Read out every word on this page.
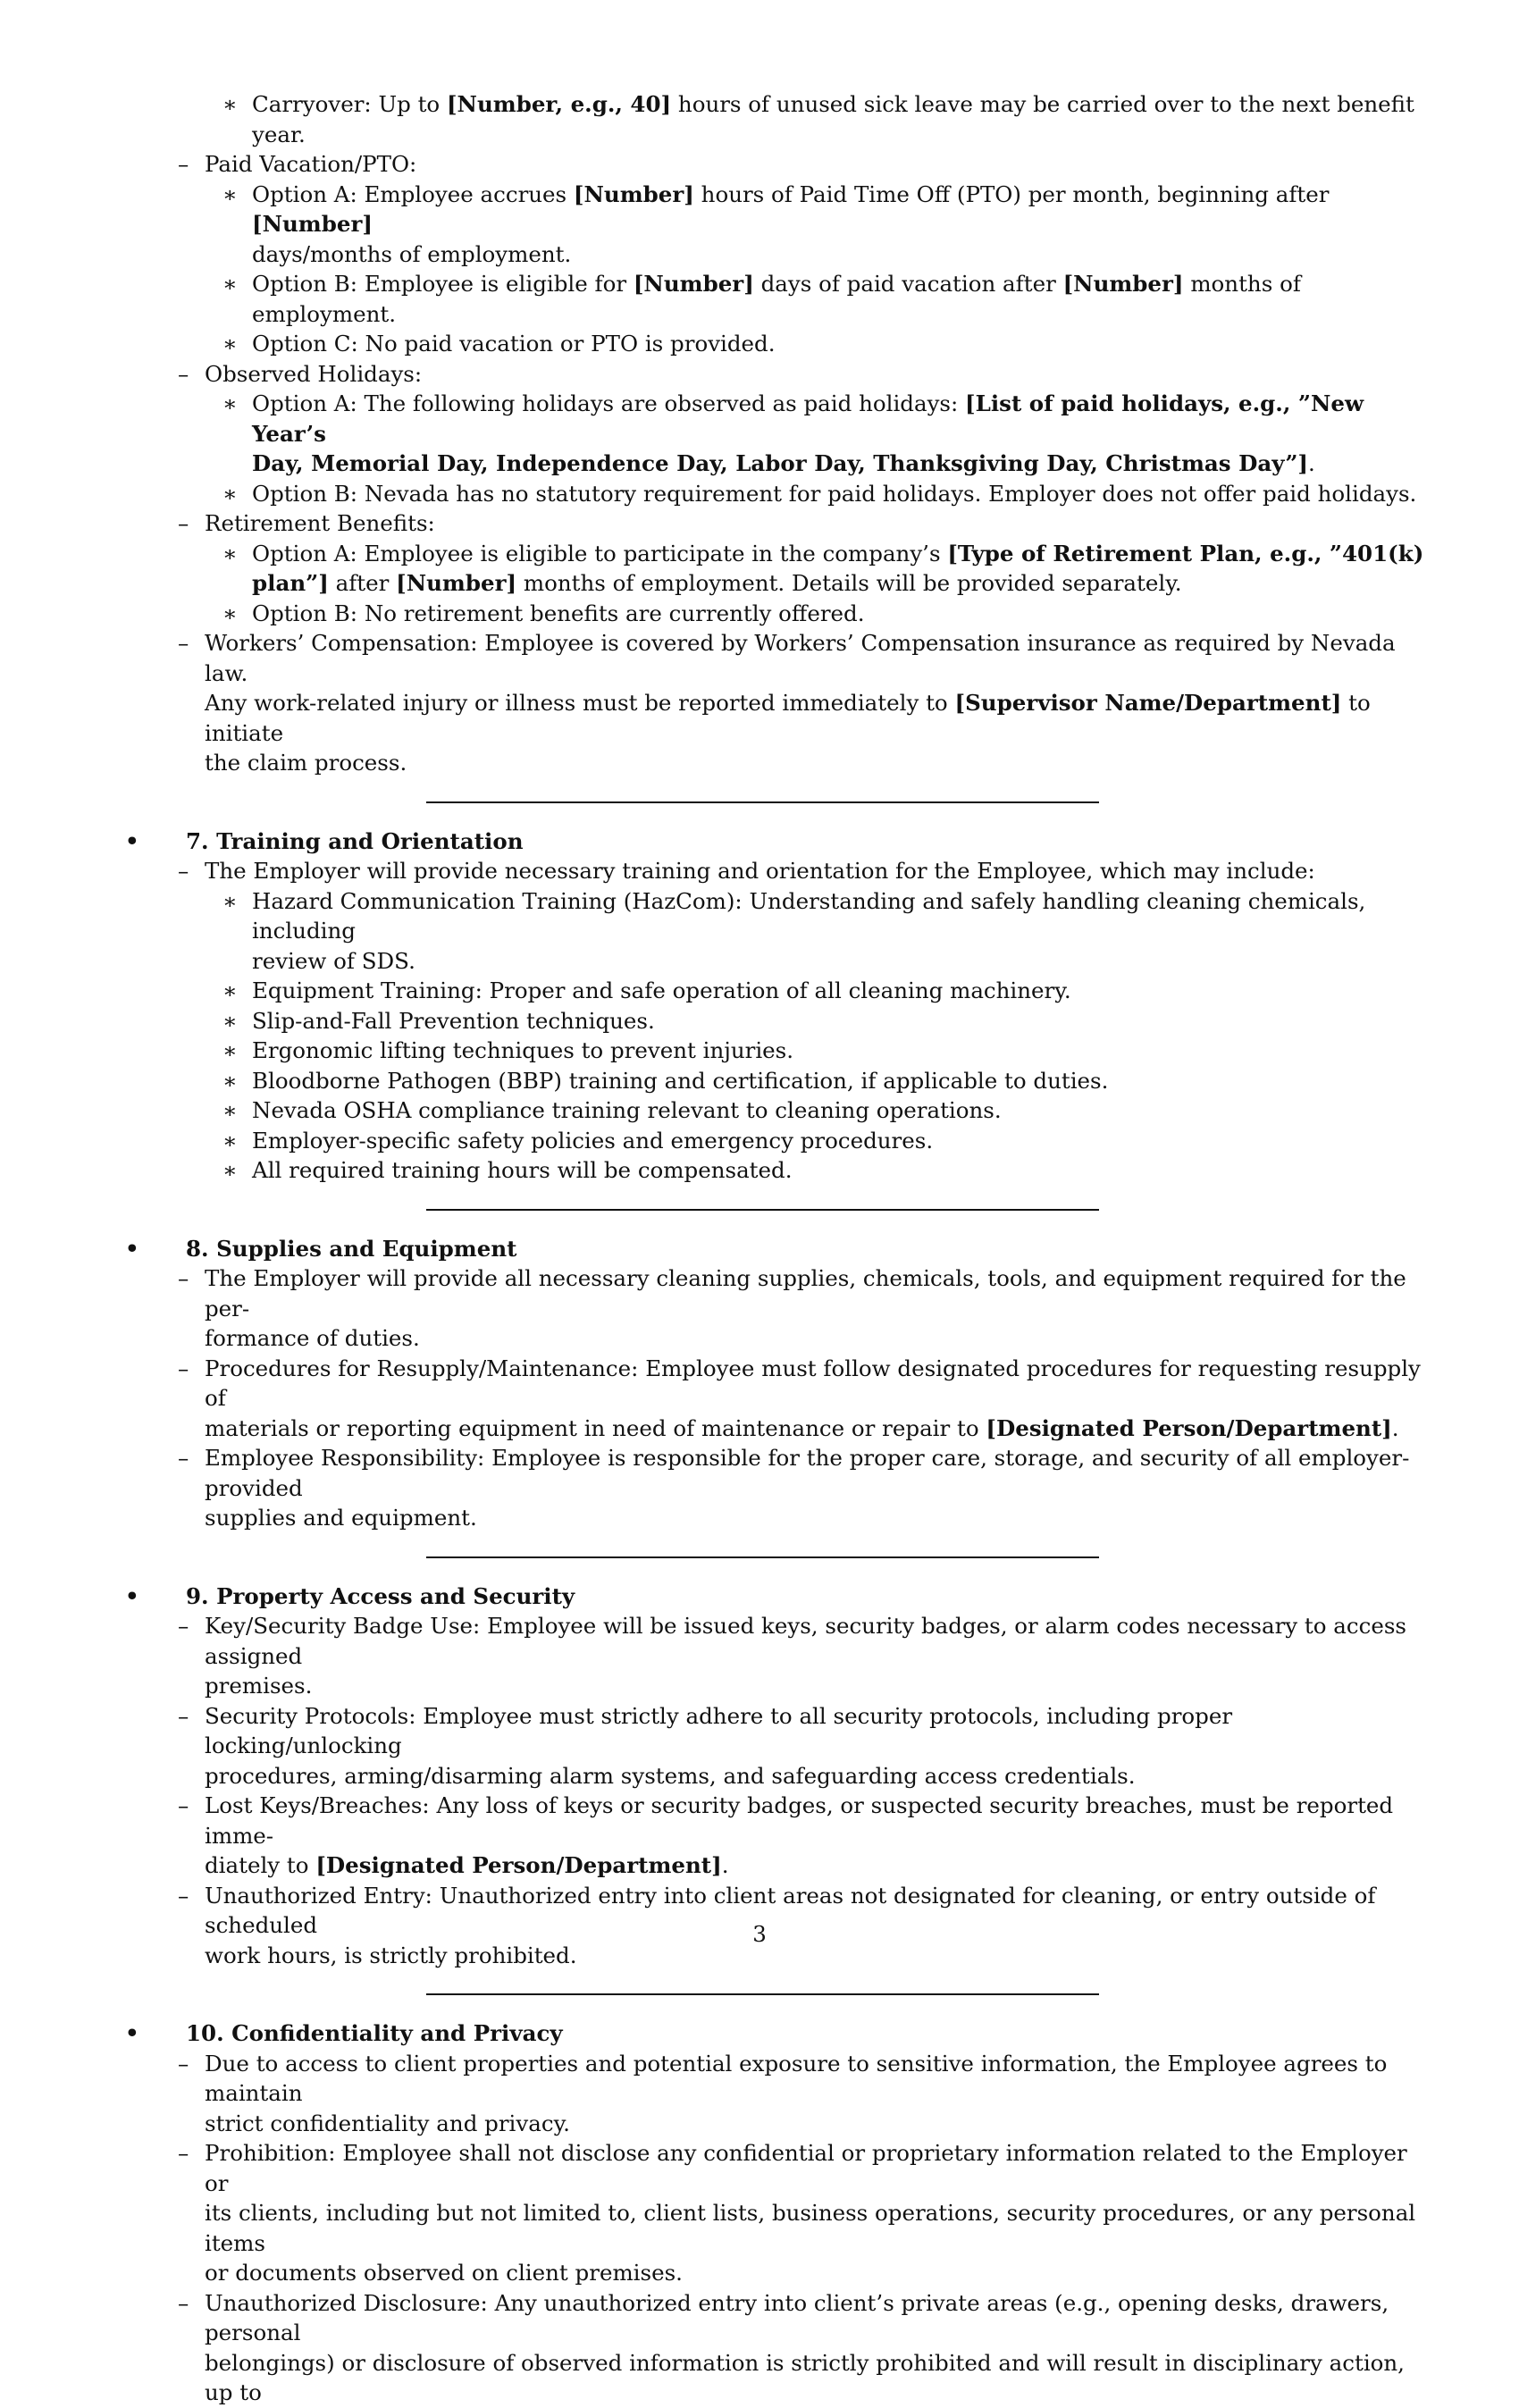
∗ Carryover: Up to [Number, e.g., 40] hours of unused sick leave may be carried over to the next benefit year.
– Paid Vacation/PTO:
∗ Option A: Employee accrues [Number] hours of Paid Time Off (PTO) per month, beginning after [Number]
days/months of employment.
∗ Option B: Employee is eligible for [Number] days of paid vacation after [Number] months of employment.
∗ Option C: No paid vacation or PTO is provided.
– Observed Holidays:
∗ Option A: The following holidays are observed as paid holidays: [List of paid holidays, e.g., ”New Year’s
Day, Memorial Day, Independence Day, Labor Day, Thanksgiving Day, Christmas Day”].
∗ Option B: Nevada has no statutory requirement for paid holidays. Employer does not offer paid holidays.
– Retirement Benefits:
∗ Option A: Employee is eligible to participate in the company’s [Type of Retirement Plan, e.g., ”401(k)
plan”] after [Number] months of employment. Details will be provided separately.
∗ Option B: No retirement benefits are currently offered.
– Workers’ Compensation: Employee is covered by Workers’ Compensation insurance as required by Nevada law.
Any work-related injury or illness must be reported immediately to [Supervisor Name/Department] to initiate
the claim process.
• 7. Training and Orientation
– The Employer will provide necessary training and orientation for the Employee, which may include:
∗ Hazard Communication Training (HazCom): Understanding and safely handling cleaning chemicals, including
review of SDS.
∗ Equipment Training: Proper and safe operation of all cleaning machinery.
∗ Slip-and-Fall Prevention techniques.
∗ Ergonomic lifting techniques to prevent injuries.
∗ Bloodborne Pathogen (BBP) training and certification, if applicable to duties.
∗ Nevada OSHA compliance training relevant to cleaning operations.
∗ Employer-specific safety policies and emergency procedures.
∗ All required training hours will be compensated.
• 8. Supplies and Equipment
– The Employer will provide all necessary cleaning supplies, chemicals, tools, and equipment required for the per-
formance of duties.
– Procedures for Resupply/Maintenance: Employee must follow designated procedures for requesting resupply of
materials or reporting equipment in need of maintenance or repair to [Designated Person/Department].
– Employee Responsibility: Employee is responsible for the proper care, storage, and security of all employer-provided
supplies and equipment.
• 9. Property Access and Security
– Key/Security Badge Use: Employee will be issued keys, security badges, or alarm codes necessary to access assigned
premises.
– Security Protocols: Employee must strictly adhere to all security protocols, including proper locking/unlocking
procedures, arming/disarming alarm systems, and safeguarding access credentials.
– Lost Keys/Breaches: Any loss of keys or security badges, or suspected security breaches, must be reported imme-
diately to [Designated Person/Department].
– Unauthorized Entry: Unauthorized entry into client areas not designated for cleaning, or entry outside of scheduled
work hours, is strictly prohibited.
• 10. Confidentiality and Privacy
– Due to access to client properties and potential exposure to sensitive information, the Employee agrees to maintain
strict confidentiality and privacy.
– Prohibition: Employee shall not disclose any confidential or proprietary information related to the Employer or
its clients, including but not limited to, client lists, business operations, security procedures, or any personal items
or documents observed on client premises.
– Unauthorized Disclosure: Any unauthorized entry into client’s private areas (e.g., opening desks, drawers, personal
belongings) or disclosure of observed information is strictly prohibited and will result in disciplinary action, up to
3
